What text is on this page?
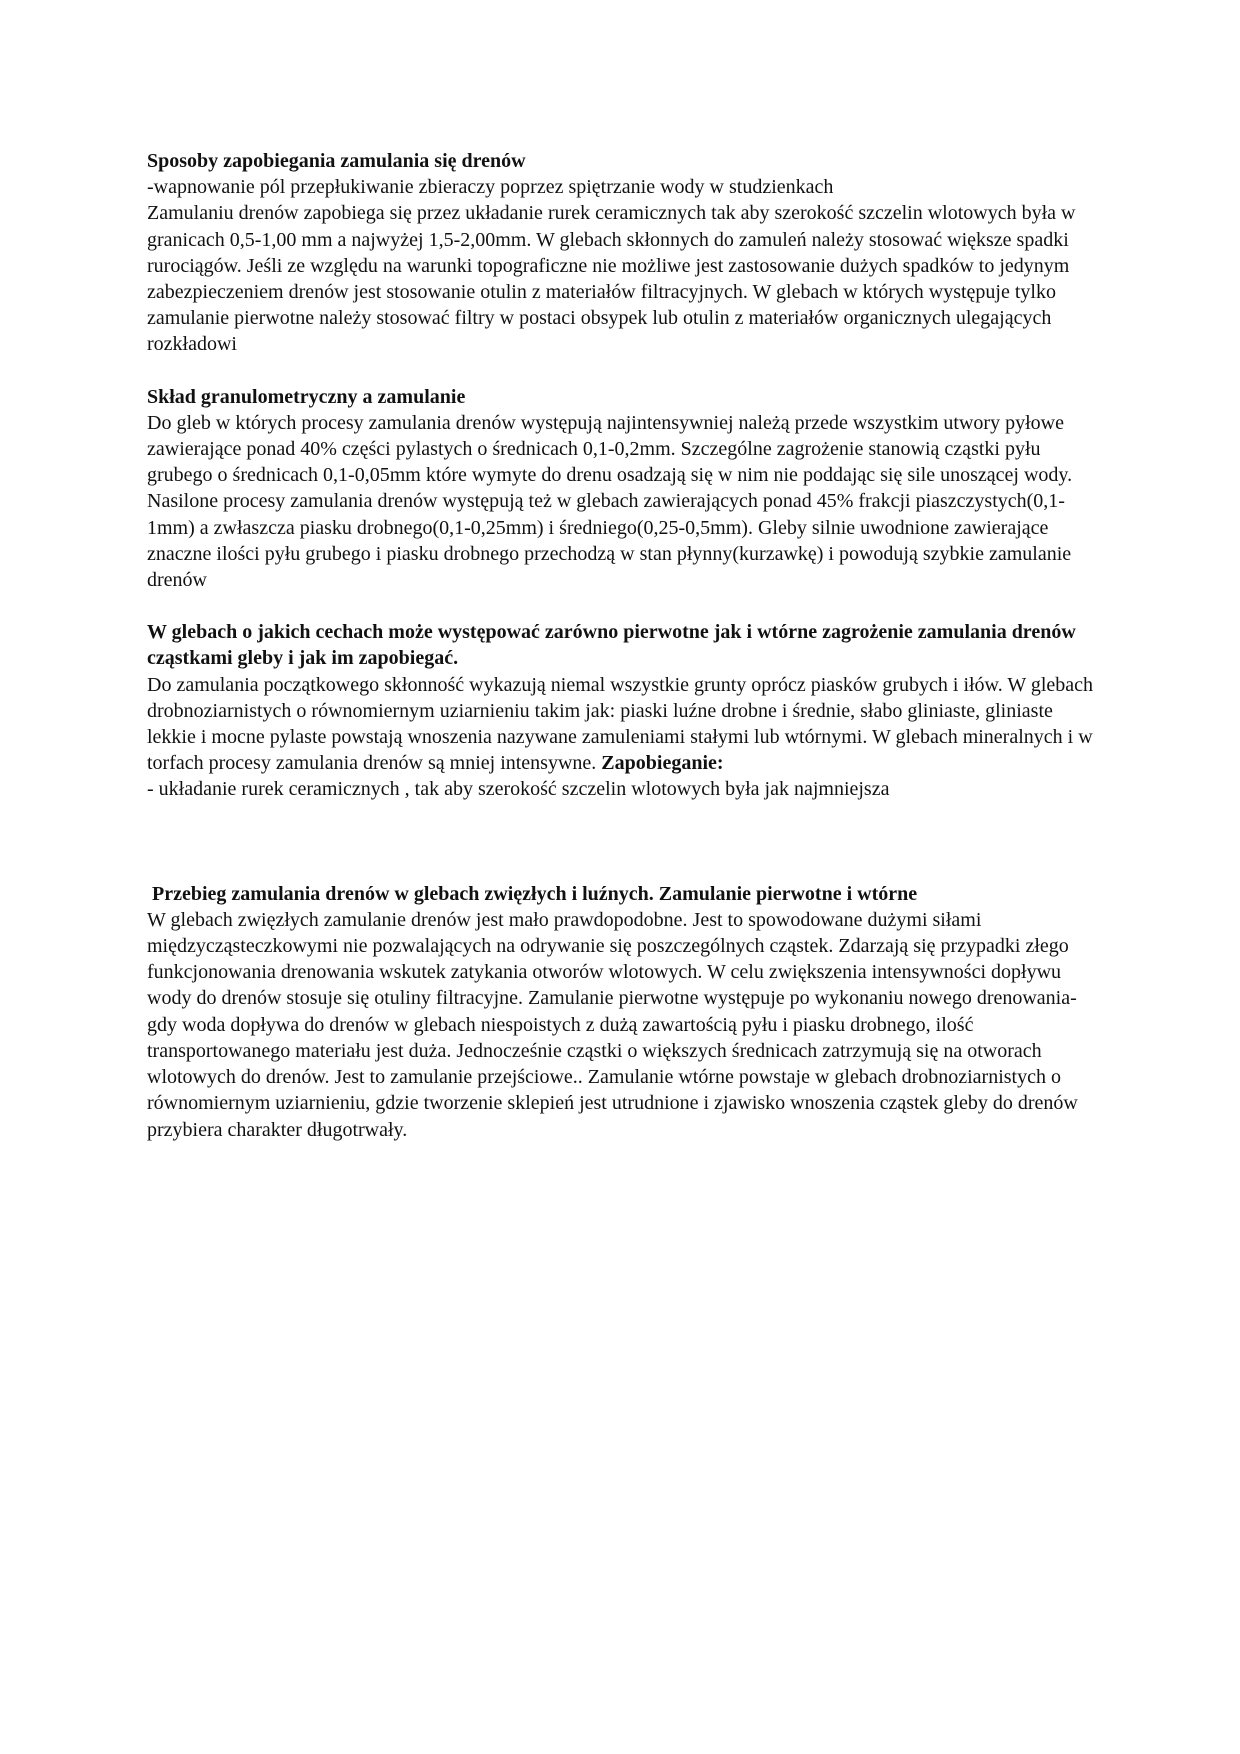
Sposoby zapobiegania zamulania się drenów

-wapnowanie pól przepłukiwanie zbieraczy poprzez spiętrzanie wody w studzienkach

Zamulaniu drenów zapobiega się przez układanie rurek ceramicznych tak aby szerokość szczelin wlotowych była w granicach 0,5-1,00 mm a najwyżej 1,5-2,00mm. W glebach skłonnych do zamuleń należy stosować większe spadki rurociągów. Jeśli ze względu na warunki topograficzne nie możliwe jest zastosowanie dużych spadków to jedynym zabezpieczeniem drenów jest stosowanie otulin z materiałów filtracyjnych. W glebach w których występuje tylko zamulanie pierwotne należy stosować filtry w postaci obsypek lub otulin z materiałów organicznych ulegających rozkładowi

Skład granulometryczny a zamulanie

Do gleb w których procesy zamulania drenów występują najintensywniej należą przede wszystkim utwory pyłowe zawierające ponad 40% części pylastych o średnicach 0,1-0,2mm. Szczególne zagrożenie stanowią cząstki pyłu grubego o średnicach 0,1-0,05mm które wymyte do drenu osadzają się w nim nie poddając się sile unoszącej wody. Nasilone procesy zamulania drenów występują też w glebach zawierających ponad 45% frakcji piaszczystych(0,1-1mm) a zwłaszcza piasku drobnego(0,1-0,25mm) i średniego(0,25-0,5mm). Gleby silnie uwodnione zawierające znaczne ilości pyłu grubego i piasku drobnego przechodzą w stan płynny(kurzawkę) i powodują szybkie zamulanie drenów

W glebach o jakich cechach może występować zarówno pierwotne jak i wtórne zagrożenie zamulania drenów cząstkami gleby i jak im zapobiegać.

Do zamulania początkowego skłonność wykazują niemal wszystkie grunty oprócz piasków grubych i iłów. W glebach drobnoziarnistych o równomiernym uziarnieniu takim jak: piaski luźne drobne i średnie, słabo gliniaste, gliniaste lekkie i mocne pylaste powstają wnoszenia nazywane zamuleniami stałymi lub wtórnymi. W glebach mineralnych i w torfach procesy zamulania drenów są mniej intensywne. Zapobieganie:

- układanie rurek ceramicznych , tak aby szerokość szczelin wlotowych była jak najmniejsza

Przebieg zamulania drenów w glebach zwięzłych i luźnych. Zamulanie pierwotne i wtórne

W glebach zwięzłych zamulanie drenów jest mało prawdopodobne. Jest to spowodowane dużymi siłami międzycząsteczkowymi nie pozwalających na odrywanie się poszczególnych cząstek. Zdarzają się przypadki złego funkcjonowania drenowania wskutek zatykania otworów wlotowych. W celu zwiększenia intensywności dopływu wody do drenów stosuje się otuliny filtracyjne. Zamulanie pierwotne występuje po wykonaniu nowego drenowania- gdy woda dopływa do drenów w glebach niespoistych z dużą zawartością pyłu i piasku drobnego, ilość transportowanego materiału jest duża. Jednocześnie cząstki o większych średnicach zatrzymują się na otworach wlotowych do drenów. Jest to zamulanie przejściowe.. Zamulanie wtórne powstaje w glebach drobnoziarnistych o równomiernym uziarnieniu, gdzie tworzenie sklepień jest utrudnione i zjawisko wnoszenia cząstek gleby do drenów przybiera charakter długotrwały.
